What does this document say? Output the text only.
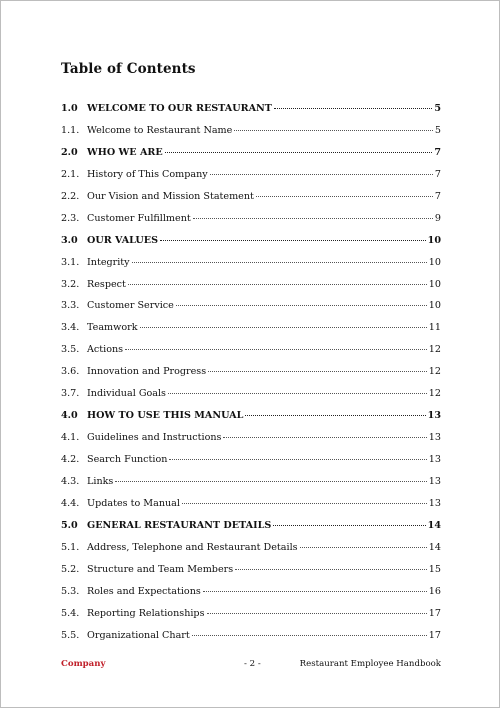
Table of Contents
1.0 WELCOME TO OUR RESTAURANT	5
1.1. Welcome to Restaurant Name	5
2.0 WHO WE ARE	7
2.1. History of This Company	7
2.2. Our Vision and Mission Statement	7
2.3. Customer Fulfillment	9
3.0 OUR VALUES	10
3.1. Integrity	10
3.2. Respect	10
3.3. Customer Service	10
3.4. Teamwork	11
3.5. Actions	12
3.6. Innovation and Progress	12
3.7. Individual Goals	12
4.0 HOW TO USE THIS MANUAL	13
4.1. Guidelines and Instructions	13
4.2. Search Function	13
4.3. Links	13
4.4. Updates to Manual	13
5.0 GENERAL RESTAURANT DETAILS	14
5.1. Address, Telephone and Restaurant Details	14
5.2. Structure and Team Members	15
5.3. Roles and Expectations	16
5.4. Reporting Relationships	17
5.5. Organizational Chart	17
Company	- 2 -	Restaurant Employee Handbook
